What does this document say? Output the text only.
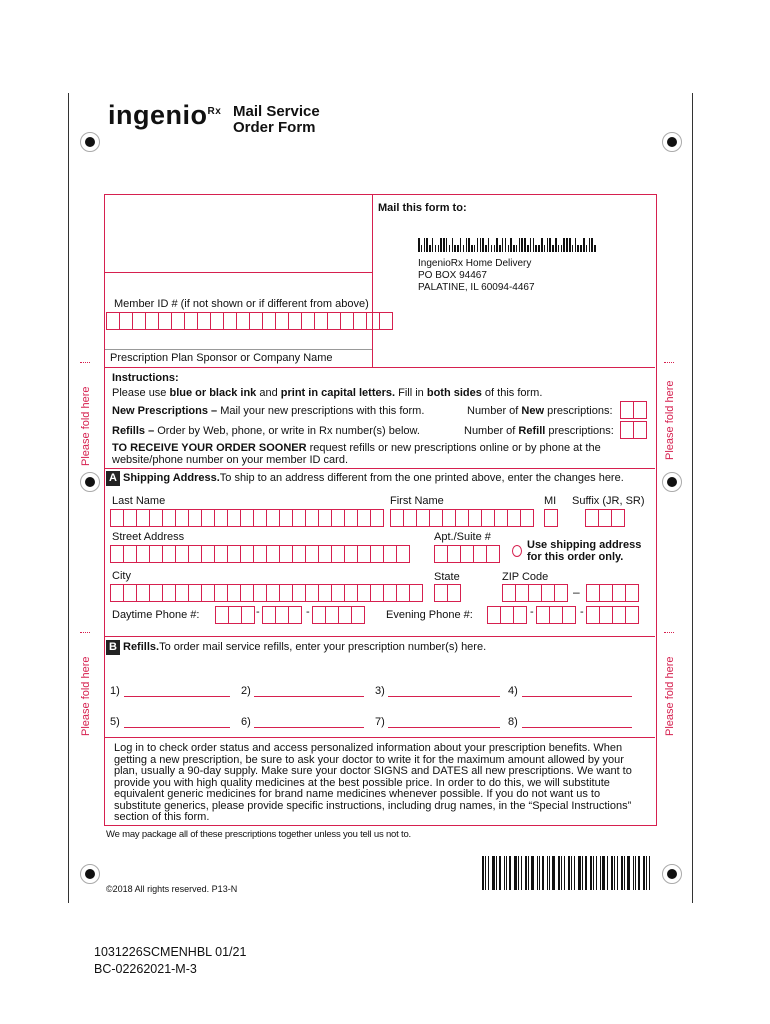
Please fold here	Please fold here
Please fold here	Please fold here
ingenio$^{Rx}$ Mail Service
Order Form
Mail this form to:
IngenioRx Home Delivery
PO BOX 94467
PALATINE, IL 60094-4467
Member ID # (if not shown or if different from above)
Prescription Plan Sponsor or Company Name
Instructions:
Please use blue or black ink and print in capital letters. Fill in both sides of this form.
New Prescriptions – Mail your new prescriptions with this form.	Number of New prescriptions:
Refills – Order by Web, phone, or write in Rx number(s) below.	Number of Refill prescriptions:
TO RECEIVE YOUR ORDER SOONER request refills or new prescriptions online or by phone at the
website/phone number on your member ID card.
A Shipping Address. To ship to an address different from the one printed above, enter the changes here.
Last Name	First Name	MI Suffix (JR, SR)
Street Address	Apt./Suite #
Use shipping address
for this order only.
City	State	ZIP Code
–
Daytime Phone #:	-	-	Evening Phone #:	-	-
B Refills. To order mail service refills, enter your prescription number(s) here.
1)	2)	3)	4)
5)	6)	7)	8)
Log in to check order status and access personalized information about your prescription benefits. When getting a new prescription, be sure to ask your doctor to write it for the maximum amount allowed by your plan, usually a 90-day supply. Make sure your doctor SIGNS and DATES all new prescriptions. We want to provide you with high quality medicines at the best possible price. In order to do this, we will substitute equivalent generic medicines for brand name medicines whenever possible. If you do not want us to substitute generics, please provide specific instructions, including drug names, in the “Special Instructions” section of this form.
We may package all of these prescriptions together unless you tell us not to.
©2018 All rights reserved. P13-N
1031226SCMENHBL 01/21
BC-02262021-M-3
